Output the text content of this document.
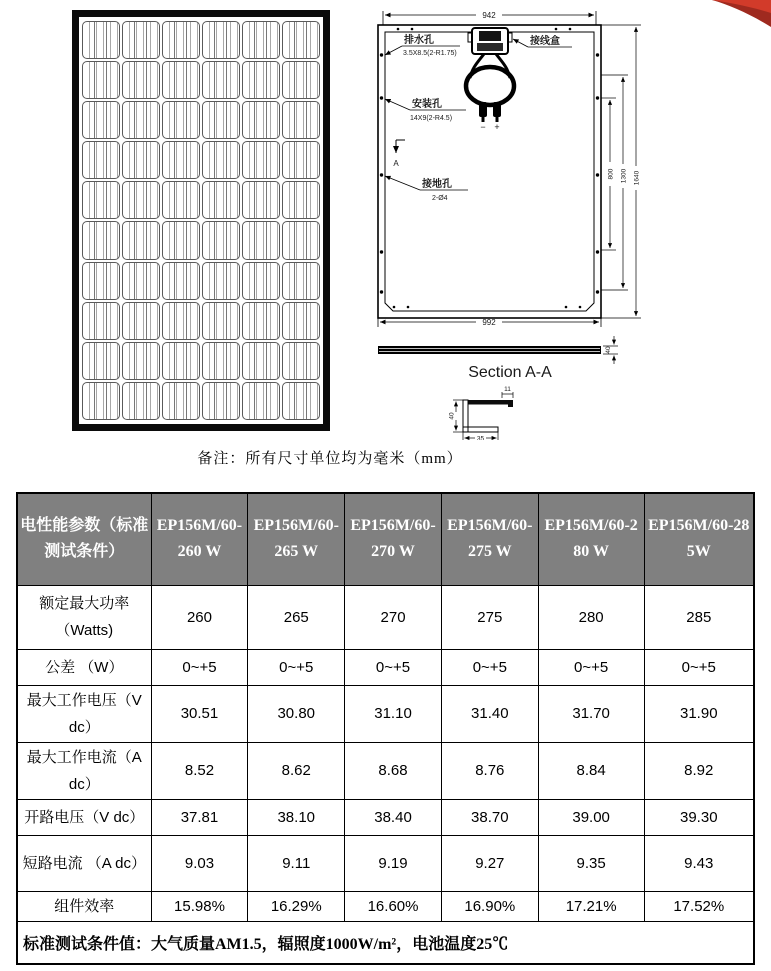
− +
942
排水孔
3.5X8.5(2-R1.75)
接线盒
安装孔
14X9(2-R4.5)
A
接地孔
2-Ø4
800 1300 1640
992
40
Section A-A
11
40
35
备注：所有尺寸单位均为毫米（mm）
电性能参数（标准测试条件）	EP156M/60-260 W	EP156M/60-265 W	EP156M/60-270 W	EP156M/60-275 W	EP156M/60-280 W	EP156M/60-285W
额定最大功率（Watts)	260	265	270	275	280	285
公差 （W）	0~+5	0~+5	0~+5	0~+5	0~+5	0~+5
最大工作电压（V dc）	30.51	30.80	31.10	31.40	31.70	31.90
最大工作电流（A dc）	8.52	8.62	8.68	8.76	8.84	8.92
开路电压（V dc）	37.81	38.10	38.40	38.70	39.00	39.30
短路电流 （A dc）	9.03	9.11	9.19	9.27	9.35	9.43
组件效率	15.98%	16.29%	16.60%	16.90%	17.21%	17.52%
标准测试条件值：大气质量AM1.5，辐照度1000W/m²，电池温度25℃						
